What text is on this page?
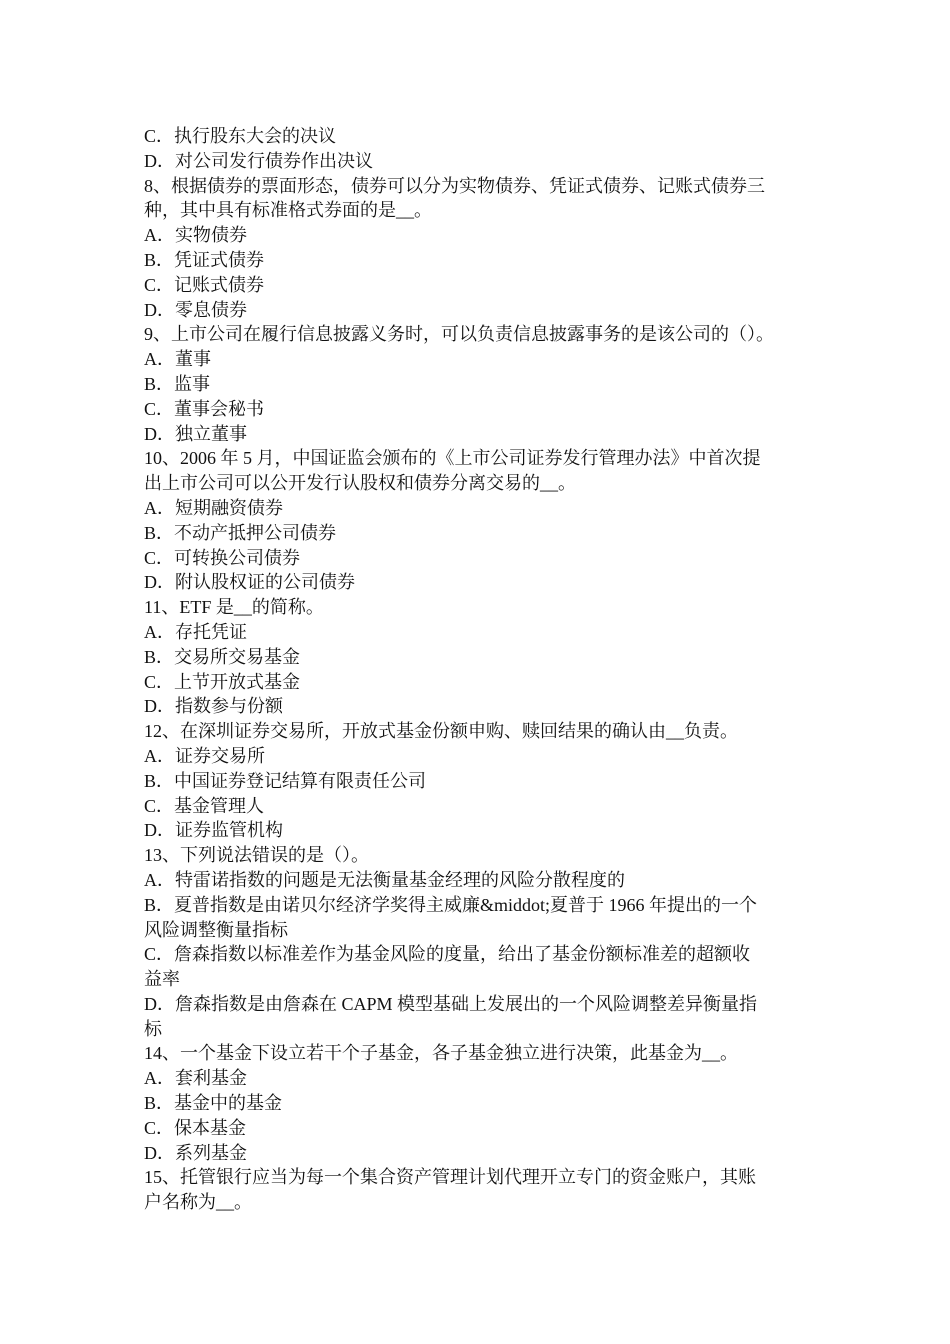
C．执行股东大会的决议

D．对公司发行债券作出决议

8、根据债券的票面形态，债券可以分为实物债券、凭证式债券、记账式债券三

种，其中具有标准格式券面的是__。

A．实物债券

B．凭证式债券

C．记账式债券

D．零息债券

9、上市公司在履行信息披露义务时，可以负责信息披露事务的是该公司的（）。

A．董事

B．监事

C．董事会秘书

D．独立董事

10、2006 年 5 月，中国证监会颁布的《上市公司证券发行管理办法》中首次提

出上市公司可以公开发行认股权和债券分离交易的__。

A．短期融资债券

B．不动产抵押公司债券

C．可转换公司债券

D．附认股权证的公司债券

11、ETF 是__的简称。

A．存托凭证

B．交易所交易基金

C．上节开放式基金

D．指数参与份额

12、在深圳证券交易所，开放式基金份额申购、赎回结果的确认由__负责。

A．证券交易所

B．中国证券登记结算有限责任公司

C．基金管理人

D．证券监管机构

13、下列说法错误的是（）。

A．特雷诺指数的问题是无法衡量基金经理的风险分散程度的

B．夏普指数是由诺贝尔经济学奖得主威廉&middot;夏普于 1966 年提出的一个

风险调整衡量指标

C．詹森指数以标准差作为基金风险的度量，给出了基金份额标准差的超额收

益率

D．詹森指数是由詹森在 CAPM 模型基础上发展出的一个风险调整差异衡量指

标

14、一个基金下设立若干个子基金，各子基金独立进行决策，此基金为__。

A．套利基金

B．基金中的基金

C．保本基金

D．系列基金

15、托管银行应当为每一个集合资产管理计划代理开立专门的资金账户，其账

户名称为__。
